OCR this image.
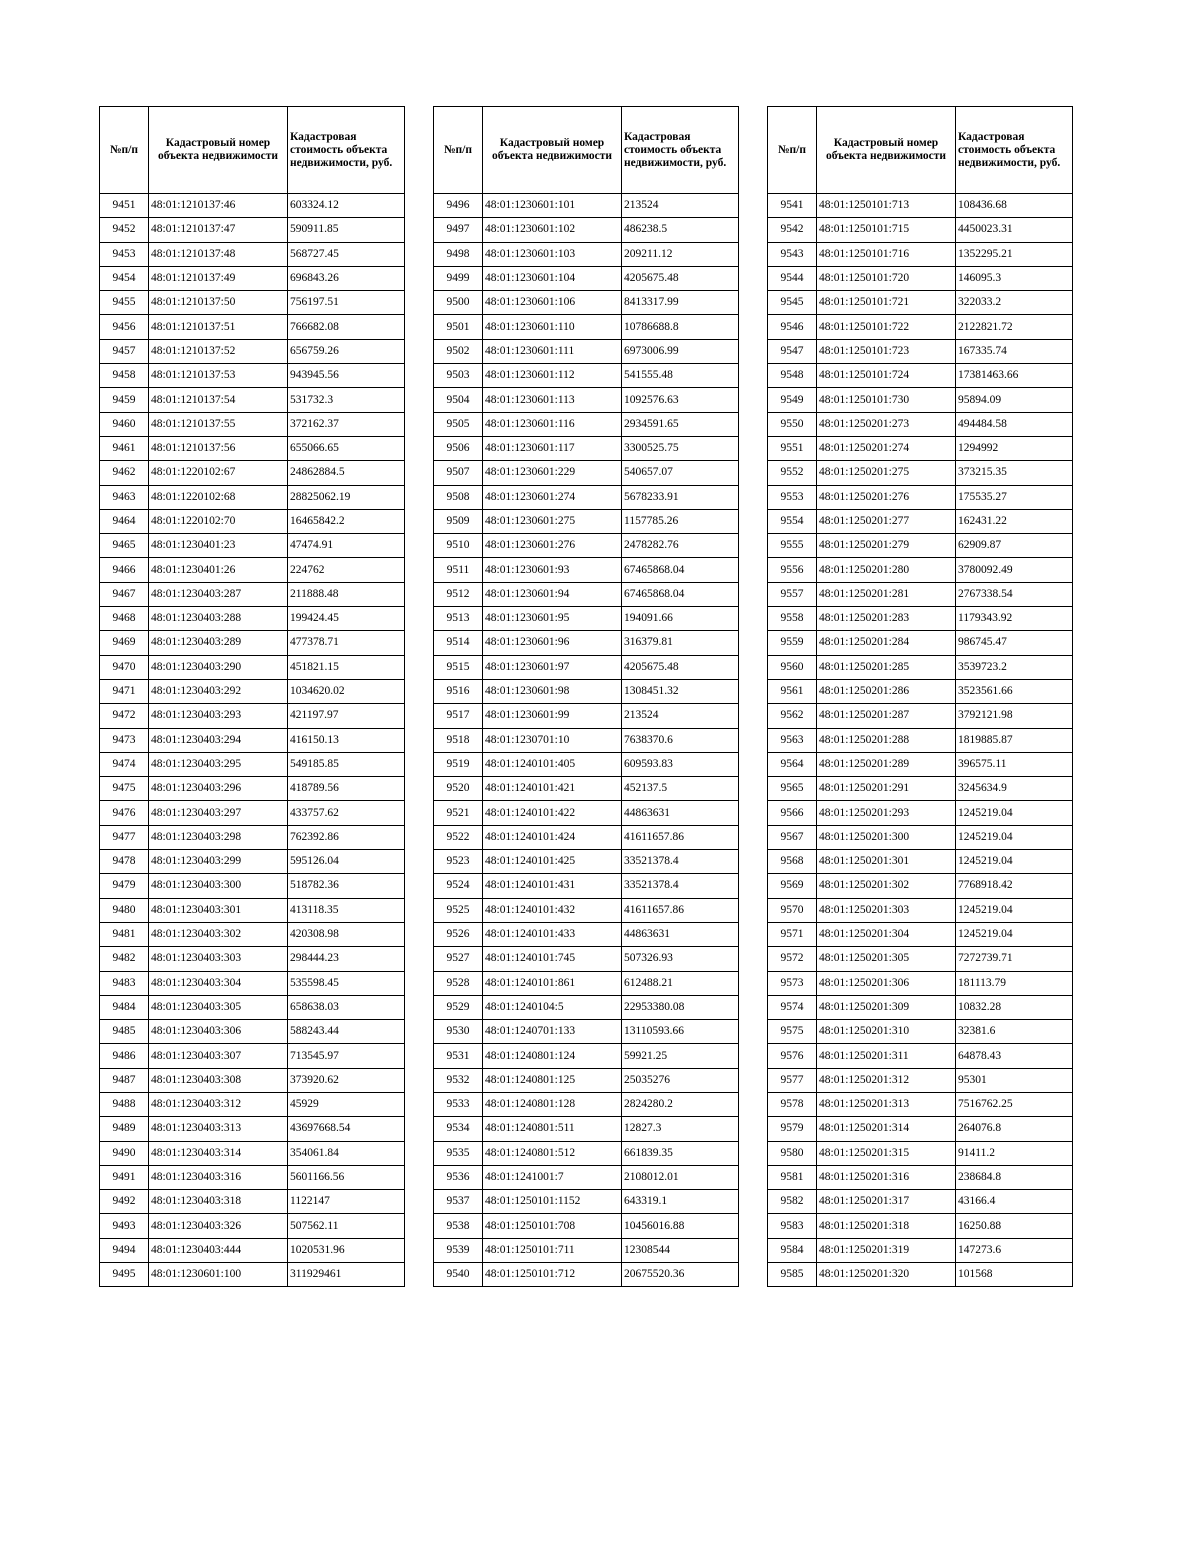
№п/п	Кадастровый номер объекта недвижимости	Кадастровая стоимость объекта недвижимости, руб.
9451	48:01:1210137:46	603324.12
9452	48:01:1210137:47	590911.85
9453	48:01:1210137:48	568727.45
9454	48:01:1210137:49	696843.26
9455	48:01:1210137:50	756197.51
9456	48:01:1210137:51	766682.08
9457	48:01:1210137:52	656759.26
9458	48:01:1210137:53	943945.56
9459	48:01:1210137:54	531732.3
9460	48:01:1210137:55	372162.37
9461	48:01:1210137:56	655066.65
9462	48:01:1220102:67	24862884.5
9463	48:01:1220102:68	28825062.19
9464	48:01:1220102:70	16465842.2
9465	48:01:1230401:23	47474.91
9466	48:01:1230401:26	224762
9467	48:01:1230403:287	211888.48
9468	48:01:1230403:288	199424.45
9469	48:01:1230403:289	477378.71
9470	48:01:1230403:290	451821.15
9471	48:01:1230403:292	1034620.02
9472	48:01:1230403:293	421197.97
9473	48:01:1230403:294	416150.13
9474	48:01:1230403:295	549185.85
9475	48:01:1230403:296	418789.56
9476	48:01:1230403:297	433757.62
9477	48:01:1230403:298	762392.86
9478	48:01:1230403:299	595126.04
9479	48:01:1230403:300	518782.36
9480	48:01:1230403:301	413118.35
9481	48:01:1230403:302	420308.98
9482	48:01:1230403:303	298444.23
9483	48:01:1230403:304	535598.45
9484	48:01:1230403:305	658638.03
9485	48:01:1230403:306	588243.44
9486	48:01:1230403:307	713545.97
9487	48:01:1230403:308	373920.62
9488	48:01:1230403:312	45929
9489	48:01:1230403:313	43697668.54
9490	48:01:1230403:314	354061.84
9491	48:01:1230403:316	5601166.56
9492	48:01:1230403:318	1122147
9493	48:01:1230403:326	507562.11
9494	48:01:1230403:444	1020531.96
9495	48:01:1230601:100	311929461
№п/п	Кадастровый номер объекта недвижимости	Кадастровая стоимость объекта недвижимости, руб.
9496	48:01:1230601:101	213524
9497	48:01:1230601:102	486238.5
9498	48:01:1230601:103	209211.12
9499	48:01:1230601:104	4205675.48
9500	48:01:1230601:106	8413317.99
9501	48:01:1230601:110	10786688.8
9502	48:01:1230601:111	6973006.99
9503	48:01:1230601:112	541555.48
9504	48:01:1230601:113	1092576.63
9505	48:01:1230601:116	2934591.65
9506	48:01:1230601:117	3300525.75
9507	48:01:1230601:229	540657.07
9508	48:01:1230601:274	5678233.91
9509	48:01:1230601:275	1157785.26
9510	48:01:1230601:276	2478282.76
9511	48:01:1230601:93	67465868.04
9512	48:01:1230601:94	67465868.04
9513	48:01:1230601:95	194091.66
9514	48:01:1230601:96	316379.81
9515	48:01:1230601:97	4205675.48
9516	48:01:1230601:98	1308451.32
9517	48:01:1230601:99	213524
9518	48:01:1230701:10	7638370.6
9519	48:01:1240101:405	609593.83
9520	48:01:1240101:421	452137.5
9521	48:01:1240101:422	44863631
9522	48:01:1240101:424	41611657.86
9523	48:01:1240101:425	33521378.4
9524	48:01:1240101:431	33521378.4
9525	48:01:1240101:432	41611657.86
9526	48:01:1240101:433	44863631
9527	48:01:1240101:745	507326.93
9528	48:01:1240101:861	612488.21
9529	48:01:1240104:5	22953380.08
9530	48:01:1240701:133	13110593.66
9531	48:01:1240801:124	59921.25
9532	48:01:1240801:125	25035276
9533	48:01:1240801:128	2824280.2
9534	48:01:1240801:511	12827.3
9535	48:01:1240801:512	661839.35
9536	48:01:1241001:7	2108012.01
9537	48:01:1250101:1152	643319.1
9538	48:01:1250101:708	10456016.88
9539	48:01:1250101:711	12308544
9540	48:01:1250101:712	20675520.36
№п/п	Кадастровый номер объекта недвижимости	Кадастровая стоимость объекта недвижимости, руб.
9541	48:01:1250101:713	108436.68
9542	48:01:1250101:715	4450023.31
9543	48:01:1250101:716	1352295.21
9544	48:01:1250101:720	146095.3
9545	48:01:1250101:721	322033.2
9546	48:01:1250101:722	2122821.72
9547	48:01:1250101:723	167335.74
9548	48:01:1250101:724	17381463.66
9549	48:01:1250101:730	95894.09
9550	48:01:1250201:273	494484.58
9551	48:01:1250201:274	1294992
9552	48:01:1250201:275	373215.35
9553	48:01:1250201:276	175535.27
9554	48:01:1250201:277	162431.22
9555	48:01:1250201:279	62909.87
9556	48:01:1250201:280	3780092.49
9557	48:01:1250201:281	2767338.54
9558	48:01:1250201:283	1179343.92
9559	48:01:1250201:284	986745.47
9560	48:01:1250201:285	3539723.2
9561	48:01:1250201:286	3523561.66
9562	48:01:1250201:287	3792121.98
9563	48:01:1250201:288	1819885.87
9564	48:01:1250201:289	396575.11
9565	48:01:1250201:291	3245634.9
9566	48:01:1250201:293	1245219.04
9567	48:01:1250201:300	1245219.04
9568	48:01:1250201:301	1245219.04
9569	48:01:1250201:302	7768918.42
9570	48:01:1250201:303	1245219.04
9571	48:01:1250201:304	1245219.04
9572	48:01:1250201:305	7272739.71
9573	48:01:1250201:306	181113.79
9574	48:01:1250201:309	10832.28
9575	48:01:1250201:310	32381.6
9576	48:01:1250201:311	64878.43
9577	48:01:1250201:312	95301
9578	48:01:1250201:313	7516762.25
9579	48:01:1250201:314	264076.8
9580	48:01:1250201:315	91411.2
9581	48:01:1250201:316	238684.8
9582	48:01:1250201:317	43166.4
9583	48:01:1250201:318	16250.88
9584	48:01:1250201:319	147273.6
9585	48:01:1250201:320	101568
